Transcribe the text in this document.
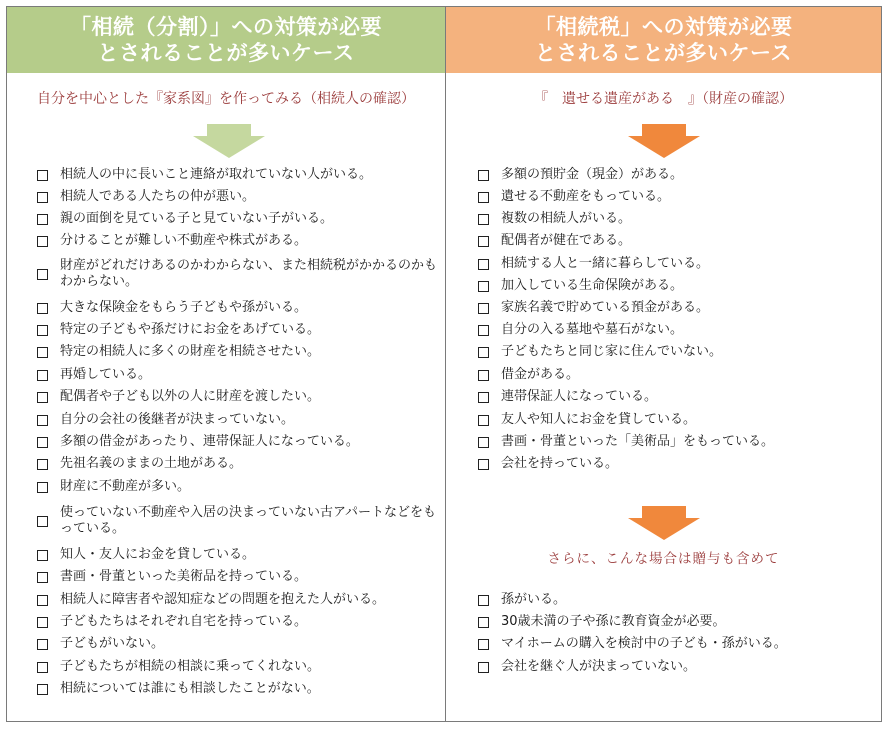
「相続（分割）」への対策が必要
とされることが多いケース
「相続税」への対策が必要
とされることが多いケース
自分を中心とした『家系図』を作ってみる（相続人の確認）	『　遺せる遺産がある　』（財産の確認）
相続人の中に長いこと連絡が取れていない人がいる。
相続人である人たちの仲が悪い。
親の面倒を見ている子と見ていない子がいる。
分けることが難しい不動産や株式がある。
財産がどれだけあるのかわからない、また相続税がかかるのかもわからない。
大きな保険金をもらう子どもや孫がいる。
特定の子どもや孫だけにお金をあげている。
特定の相続人に多くの財産を相続させたい。
再婚している。
配偶者や子ども以外の人に財産を渡したい。
自分の会社の後継者が決まっていない。
多額の借金があったり、連帯保証人になっている。
先祖名義のままの土地がある。
財産に不動産が多い。
使っていない不動産や入居の決まっていない古アパートなどをもっている。
知人・友人にお金を貸している。
書画・骨董といった美術品を持っている。
相続人に障害者や認知症などの問題を抱えた人がいる。
子どもたちはそれぞれ自宅を持っている。
子どもがいない。
子どもたちが相続の相談に乗ってくれない。
相続については誰にも相談したことがない。
多額の預貯金（現金）がある。
遺せる不動産をもっている。
複数の相続人がいる。
配偶者が健在である。
相続する人と一緒に暮らしている。
加入している生命保険がある。
家族名義で貯めている預金がある。
自分の入る墓地や墓石がない。
子どもたちと同じ家に住んでいない。
借金がある。
連帯保証人になっている。
友人や知人にお金を貸している。
書画・骨董といった「美術品」をもっている。
会社を持っている。
さらに、こんな場合は贈与も含めて
孫がいる。
30歳未満の子や孫に教育資金が必要。
マイホームの購入を検討中の子ども・孫がいる。
会社を継ぐ人が決まっていない。
